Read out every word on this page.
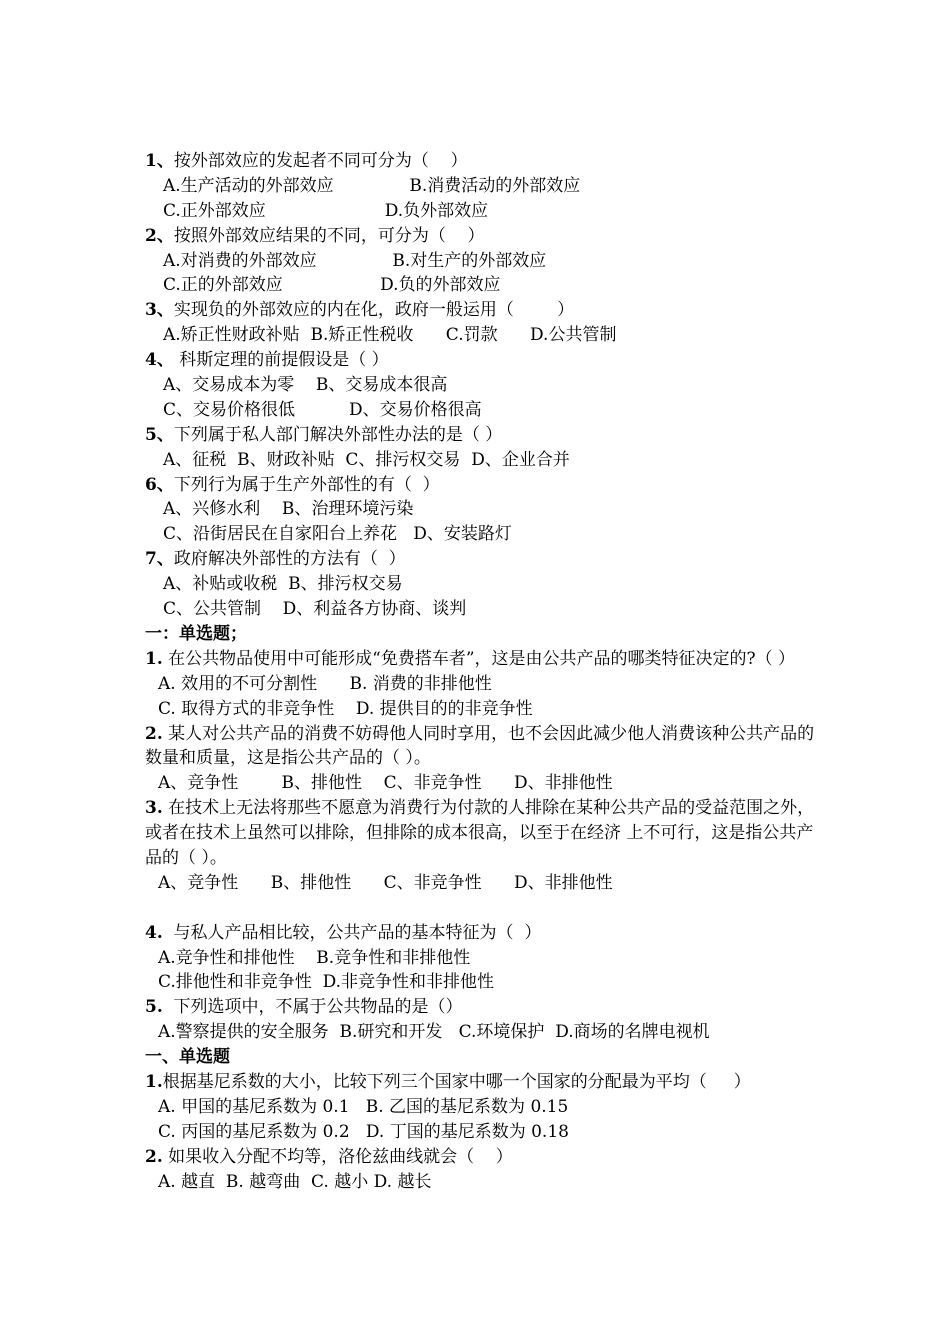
1、按外部效应的发起者不同可分为（    ）
A.生产活动的外部效应              B.消费活动的外部效应
C.正外部效应                      D.负外部效应
2、按照外部效应结果的不同，可分为（    ）
A.对消费的外部效应              B.对生产的外部效应
C.正的外部效应                  D.负的外部效应
3、实现负的外部效应的内在化，政府一般运用（        ）
A.矫正性财政补贴  B.矫正性税收      C.罚款      D.公共管制
4、 科斯定理的前提假设是（ ）
A、交易成本为零    B、交易成本很高
C、交易价格很低          D、交易价格很高
5、下列属于私人部门解决外部性办法的是（ ）
A、征税  B、财政补贴  C、排污权交易  D、企业合并
6、下列行为属于生产外部性的有（  ）
A、兴修水利    B、治理环境污染
C、沿街居民在自家阳台上养花   D、安装路灯
7、政府解决外部性的方法有（  ）
A、补贴或收税  B、排污权交易
C、公共管制    D、利益各方协商、谈判
一：单选题；
1. 在公共物品使用中可能形成“免费搭车者”，这是由公共产品的哪类特征决定的?（ ）
A. 效用的不可分割性      B. 消费的非排他性
C. 取得方式的非竞争性    D. 提供目的的非竞争性
2. 某人对公共产品的消费不妨碍他人同时享用，也不会因此减少他人消费该种公共产品的数量和质量，这是指公共产品的（ ）。
A、竞争性        B、排他性    C、非竞争性      D、非排他性
3. 在技术上无法将那些不愿意为消费行为付款的人排除在某种公共产品的受益范围之外，或者在技术上虽然可以排除，但排除的成本很高，以至于在经济 上不可行，这是指公共产品的（ ）。
A、竞争性      B、排他性      C、非竞争性      D、非排他性
4.  与私人产品相比较，公共产品的基本特征为（  ）
A.竞争性和排他性    B.竞争性和非排他性
C.排他性和非竞争性  D.非竞争性和非排他性
5.  下列选项中，不属于公共物品的是（）
A.警察提供的安全服务  B.研究和开发   C.环境保护  D.商场的名牌电视机
一、单选题
1.根据基尼系数的大小，比较下列三个国家中哪一个国家的分配最为平均（     ）
A. 甲国的基尼系数为 0.1   B. 乙国的基尼系数为 0.15
C. 丙国的基尼系数为 0.2   D. 丁国的基尼系数为 0.18
2. 如果收入分配不均等，洛伦兹曲线就会（    ）
A. 越直  B. 越弯曲  C. 越小 D. 越长
